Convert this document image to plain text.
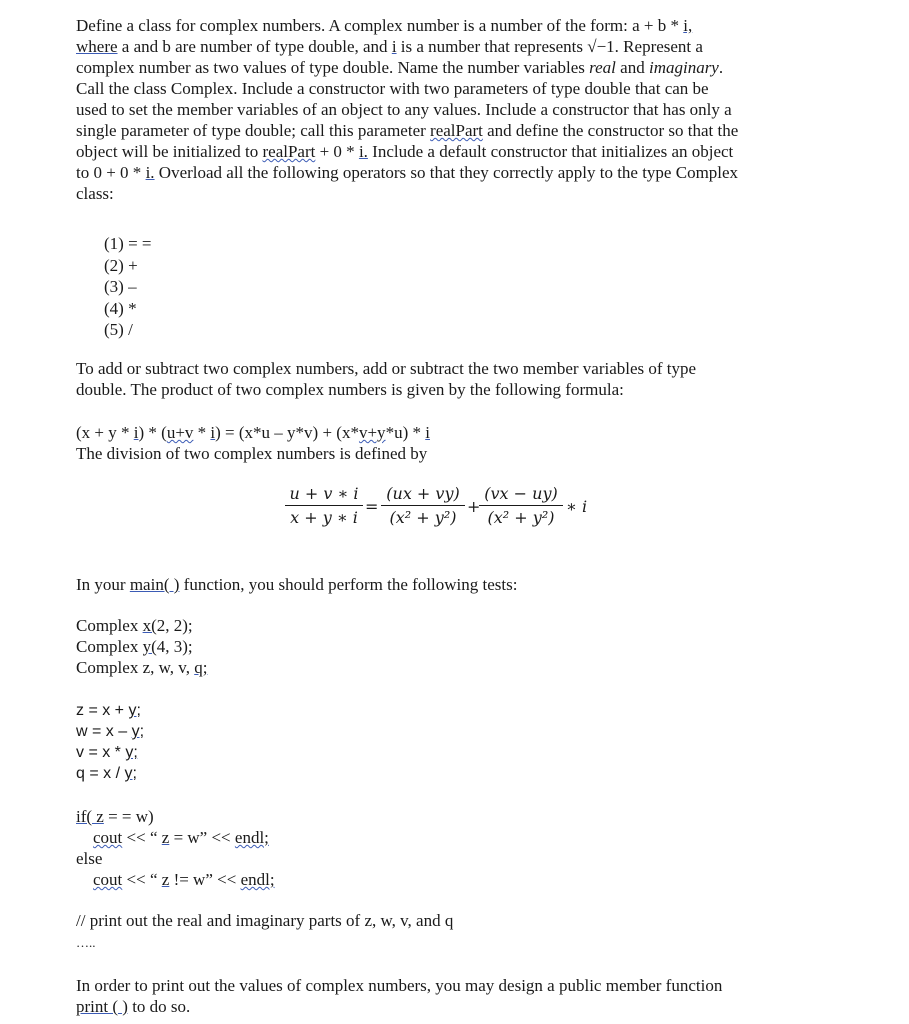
Define a class for complex numbers. A complex number is a number of the form: a + b * i,
where a and b are number of type double, and i is a number that represents √−1. Represent a
complex number as two values of type double. Name the number variables real and imaginary.
Call the class Complex. Include a constructor with two parameters of type double that can be
used to set the member variables of an object to any values. Include a constructor that has only a
single parameter of type double; call this parameter realPart and define the constructor so that the
object will be initialized to realPart + 0 * i. Include a default constructor that initializes an object
to 0 + 0 * i. Overload all the following operators so that they correctly apply to the type Complex
class:
(1) = =
(2) +
(3) –
(4) *
(5) /
To add or subtract two complex numbers, add or subtract the two member variables of type
double. The product of two complex numbers is given by the following formula:
(x + y * i) * (u+v * i) = (x*u – y*v) + (x*v+y*u) * i
The division of two complex numbers is defined by
u + v ∗ i
x + y ∗ i
=
(ux + vy)
(x² + y²)
+
(vx − uy)
(x² + y²)
∗ i
In your main( ) function, you should perform the following tests:
Complex x(2, 2);
Complex y(4, 3);
Complex z, w, v, q;
z = x + y;
w = x – y;
v = x * y;
q = x / y;
if( z = = w)
cout << “ z = w” << endl;
else
cout << “ z != w” << endl;
// print out the real and imaginary parts of z, w, v, and q
…..
In order to print out the values of complex numbers, you may design a public member function
print ( ) to do so.
